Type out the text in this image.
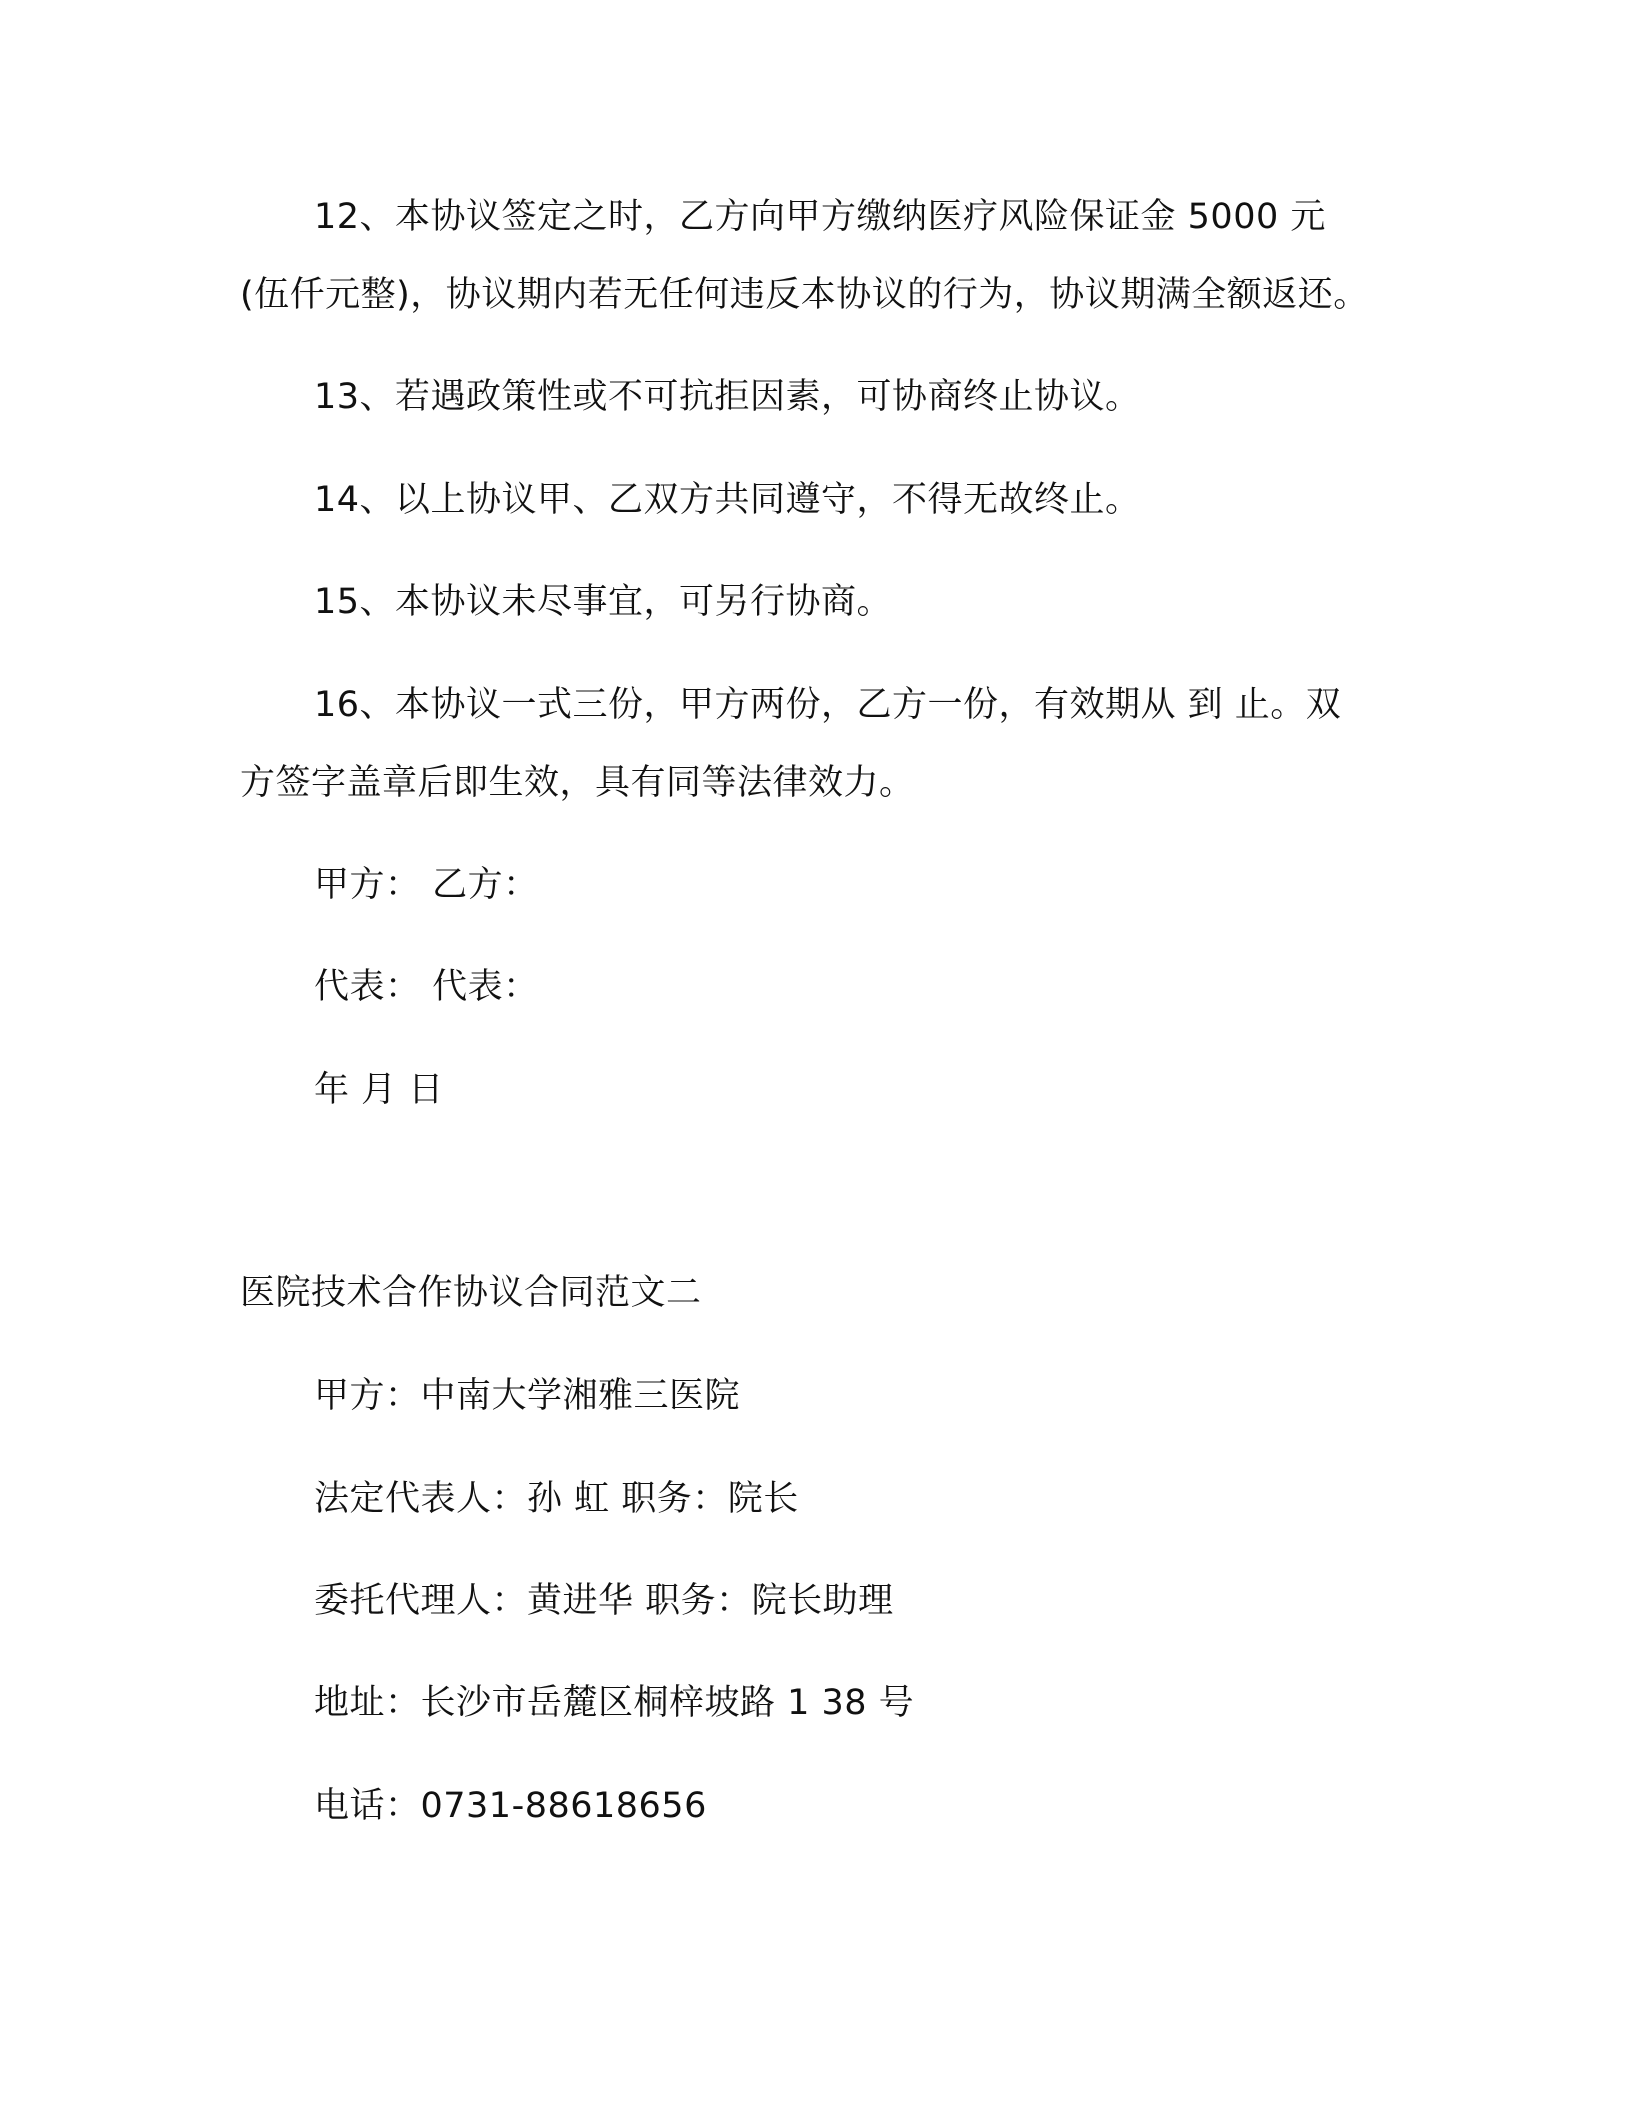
12、本协议签定之时，乙方向甲方缴纳医疗风险保证金 5000 元
(伍仟元整)，协议期内若无任何违反本协议的行为，协议期满全额返还。
13、若遇政策性或不可抗拒因素，可协商终止协议。
14、以上协议甲、乙双方共同遵守，不得无故终止。
15、本协议未尽事宜，可另行协商。
16、本协议一式三份，甲方两份，乙方一份，有效期从 到 止。双
方签字盖章后即生效，具有同等法律效力。
甲方： 乙方：
代表： 代表：
年 月 日
医院技术合作协议合同范文二
甲方：中南大学湘雅三医院
法定代表人：孙 虹 职务：院长
委托代理人：黄进华 职务：院长助理
地址：长沙市岳麓区桐梓坡路 1 38 号
电话：0731-88618656
